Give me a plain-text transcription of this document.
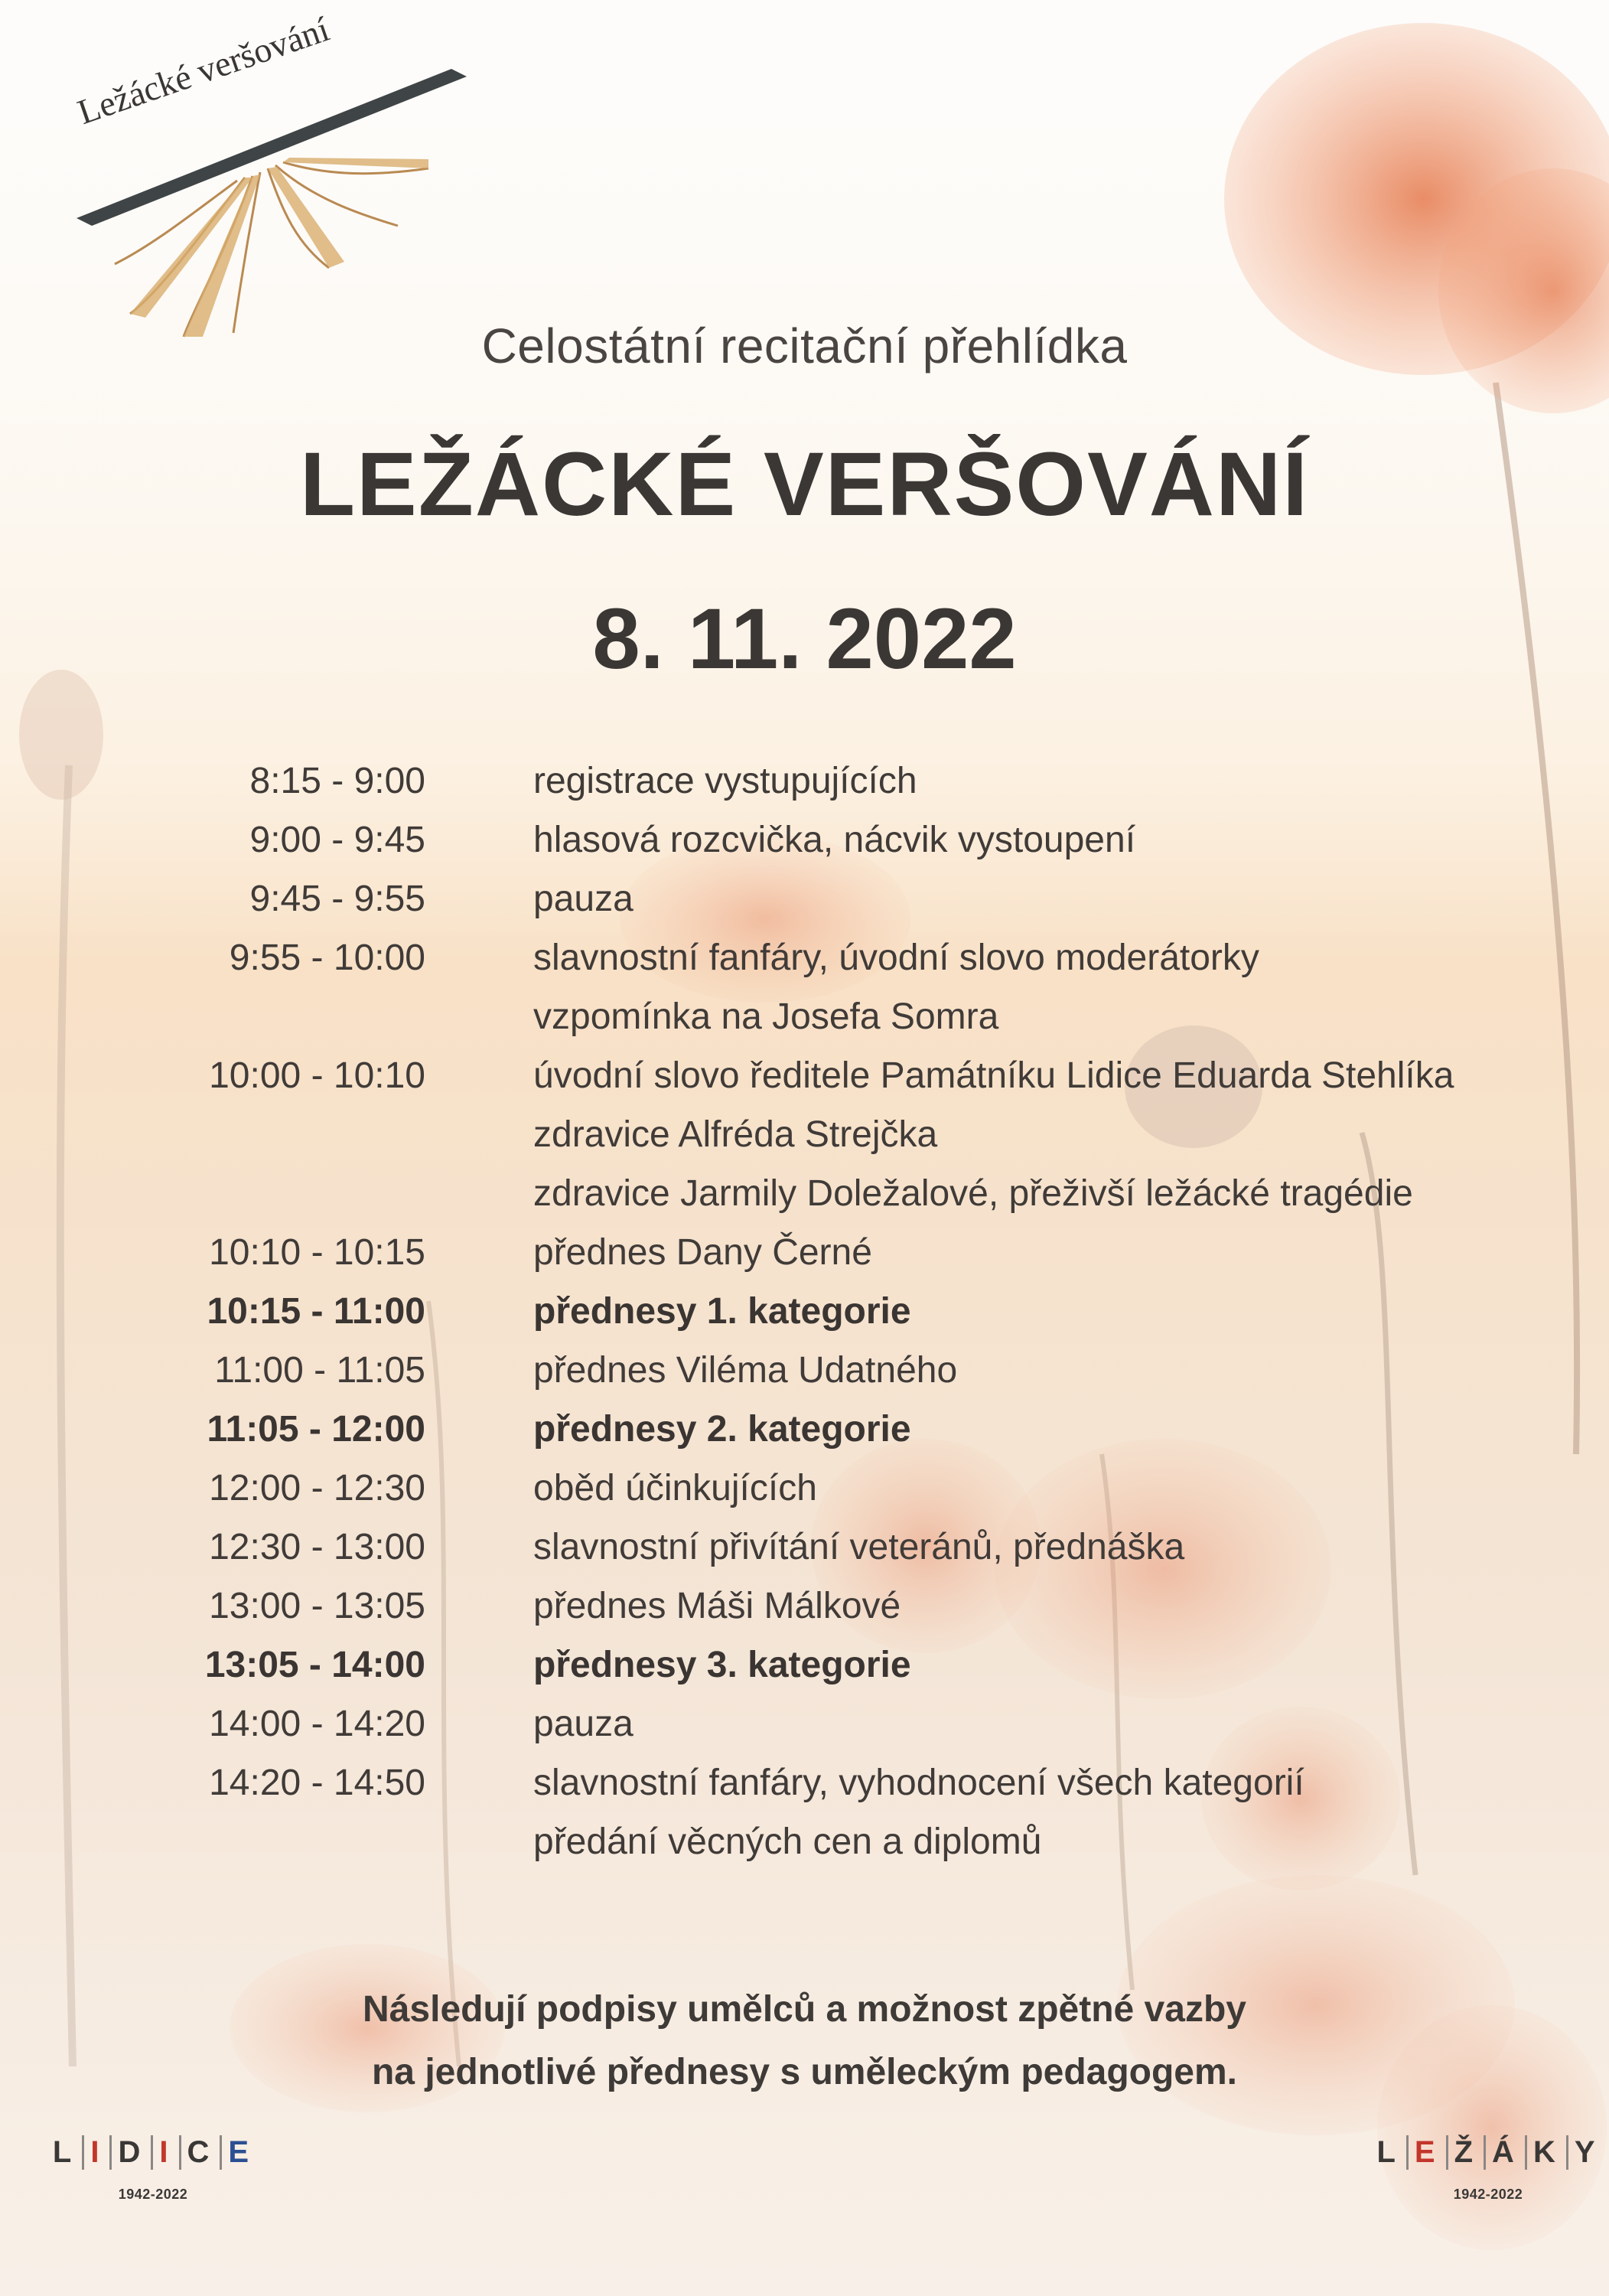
Ležácké veršování
Celostátní recitační přehlídka
LEŽÁCKÉ VERŠOVÁNÍ
8. 11. 2022
8:15 - 9:00	registrace vystupujících
9:00 - 9:45	hlasová rozcvička, nácvik vystoupení
9:45 - 9:55	pauza
9:55 - 10:00	slavnostní fanfáry, úvodní slovo moderátorky
vzpomínka na Josefa Somra
10:00 - 10:10	úvodní slovo ředitele Památníku Lidice Eduarda Stehlíka
zdravice Alfréda Strejčka
zdravice Jarmily Doležalové, přeživší ležácké tragédie
10:10 - 10:15	přednes Dany Černé
10:15 - 11:00	přednesy 1. kategorie
11:00 - 11:05	přednes Viléma Udatného
11:05 - 12:00	přednesy 2. kategorie
12:00 - 12:30	oběd účinkujících
12:30 - 13:00	slavnostní přivítání veteránů, přednáška
13:00 - 13:05	přednes Máši Málkové
13:05 - 14:00	přednesy 3. kategorie
14:00 - 14:20	pauza
14:20 - 14:50	slavnostní fanfáry, vyhodnocení všech kategorií
předání věcných cen a diplomů
Následují podpisy umělců a možnost zpětné vazby
na jednotlivé přednesy s uměleckým pedagogem.
L I D I C E
1942-2022
L E Ž Á K Y
1942-2022
